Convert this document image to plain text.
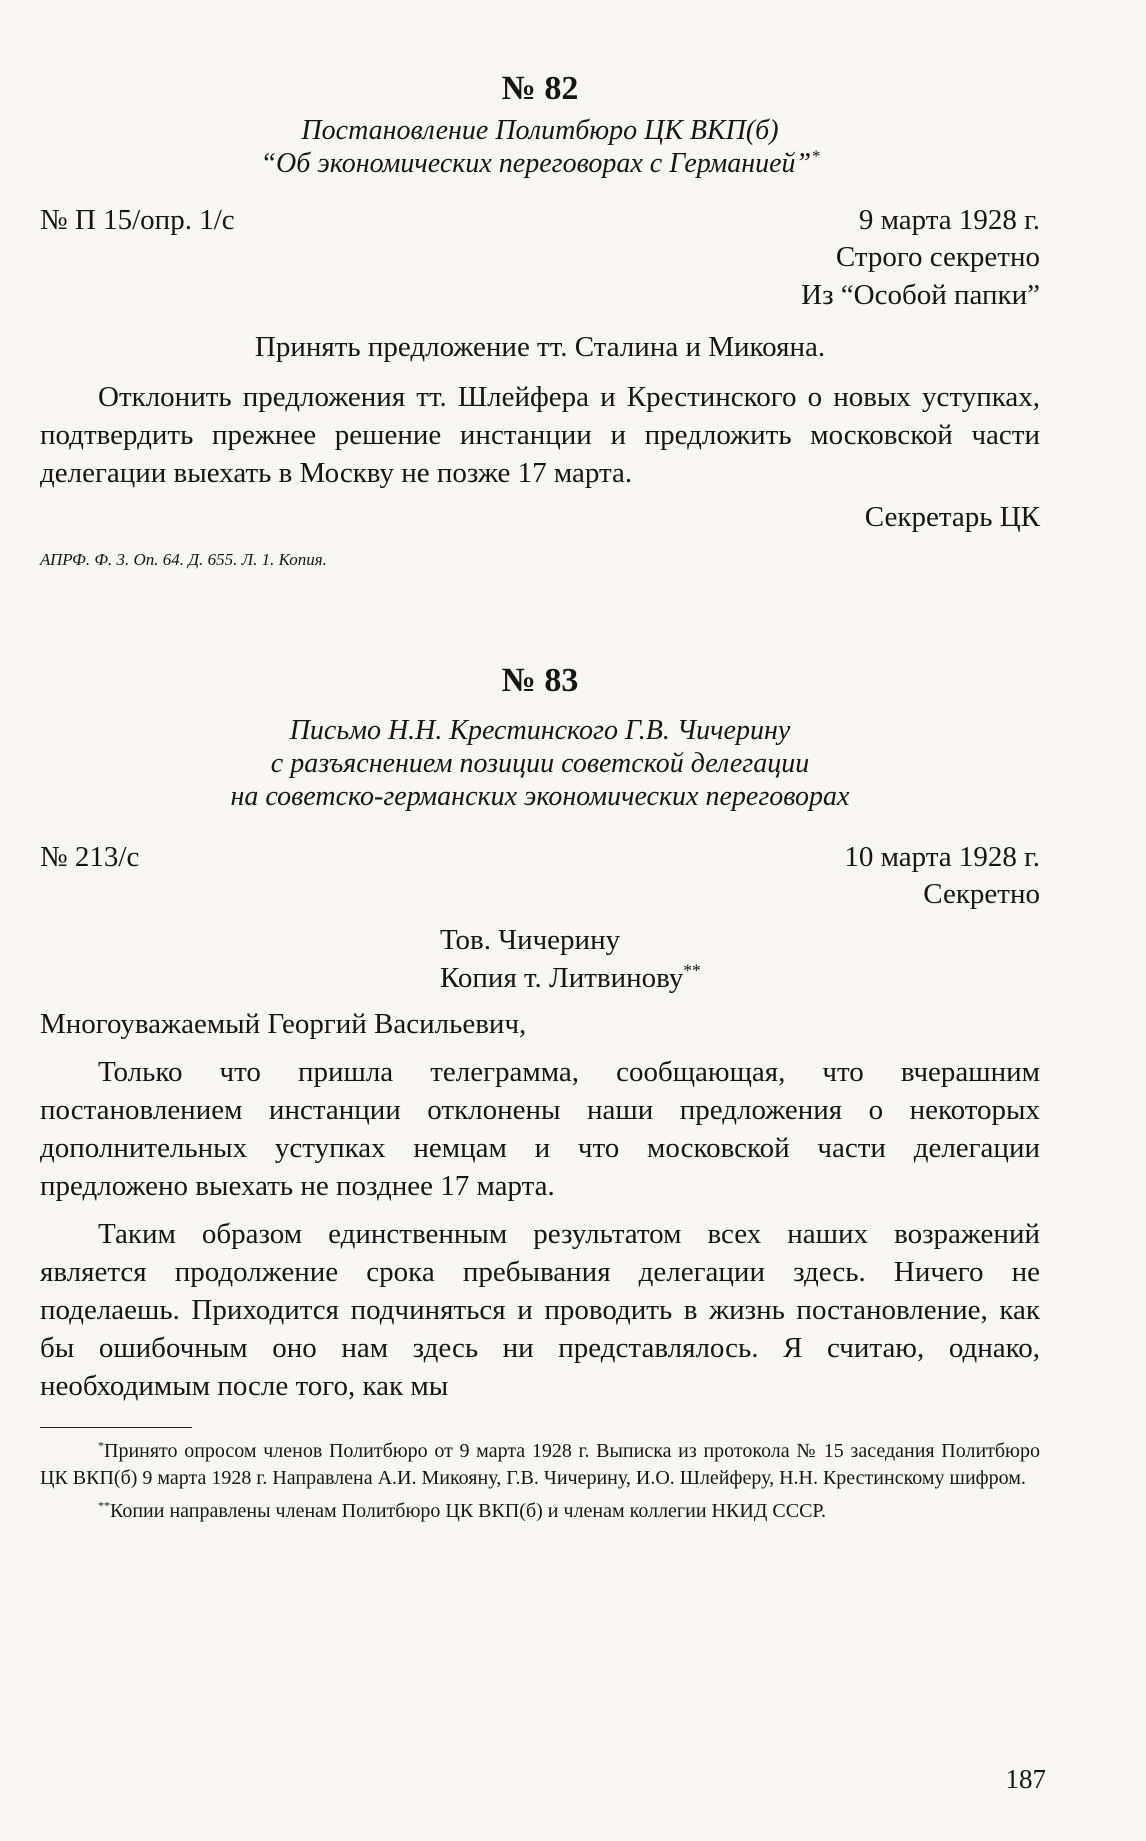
№ 82
Постановление Политбюро ЦК ВКП(б)
“Об экономических переговорах с Германией”*
№ П 15/опр. 1/с	9 марта 1928 г.
Строго секретно
Из “Особой папки”
Принять предложение тт. Сталина и Микояна.

Отклонить предложения тт. Шлейфера и Крестинского о новых уступках, подтвердить прежнее решение инстанции и предложить московской части делегации выехать в Москву не позже 17 марта.

Секретарь ЦК
АПРФ. Ф. 3. Оп. 64. Д. 655. Л. 1. Копия.
№ 83
Письмо Н.Н. Крестинского Г.В. Чичерину
с разъяснением позиции советской делегации
на советско-германских экономических переговорах
№ 213/с	10 марта 1928 г.
Секретно
Тов. Чичерину
Копия т. Литвинову**
Многоуважаемый Георгий Васильевич,

Только что пришла телеграмма, сообщающая, что вчерашним постановлением инстанции отклонены наши предложения о некоторых дополнительных уступках немцам и что московской части делегации предложено выехать не позднее 17 марта.

Таким образом единственным результатом всех наших возражений является продолжение срока пребывания делегации здесь. Ничего не поделаешь. Приходится подчиняться и проводить в жизнь постановление, как бы ошибочным оно нам здесь ни представлялось. Я считаю, однако, необходимым после того, как мы

*Принято опросом членов Политбюро от 9 марта 1928 г. Выписка из протокола № 15 заседания Политбюро ЦК ВКП(б) 9 марта 1928 г. Направлена А.И. Микояну, Г.В. Чичерину, И.О. Шлейферу, Н.Н. Крестинскому шифром.

**Копии направлены членам Политбюро ЦК ВКП(б) и членам коллегии НКИД СССР.

187
